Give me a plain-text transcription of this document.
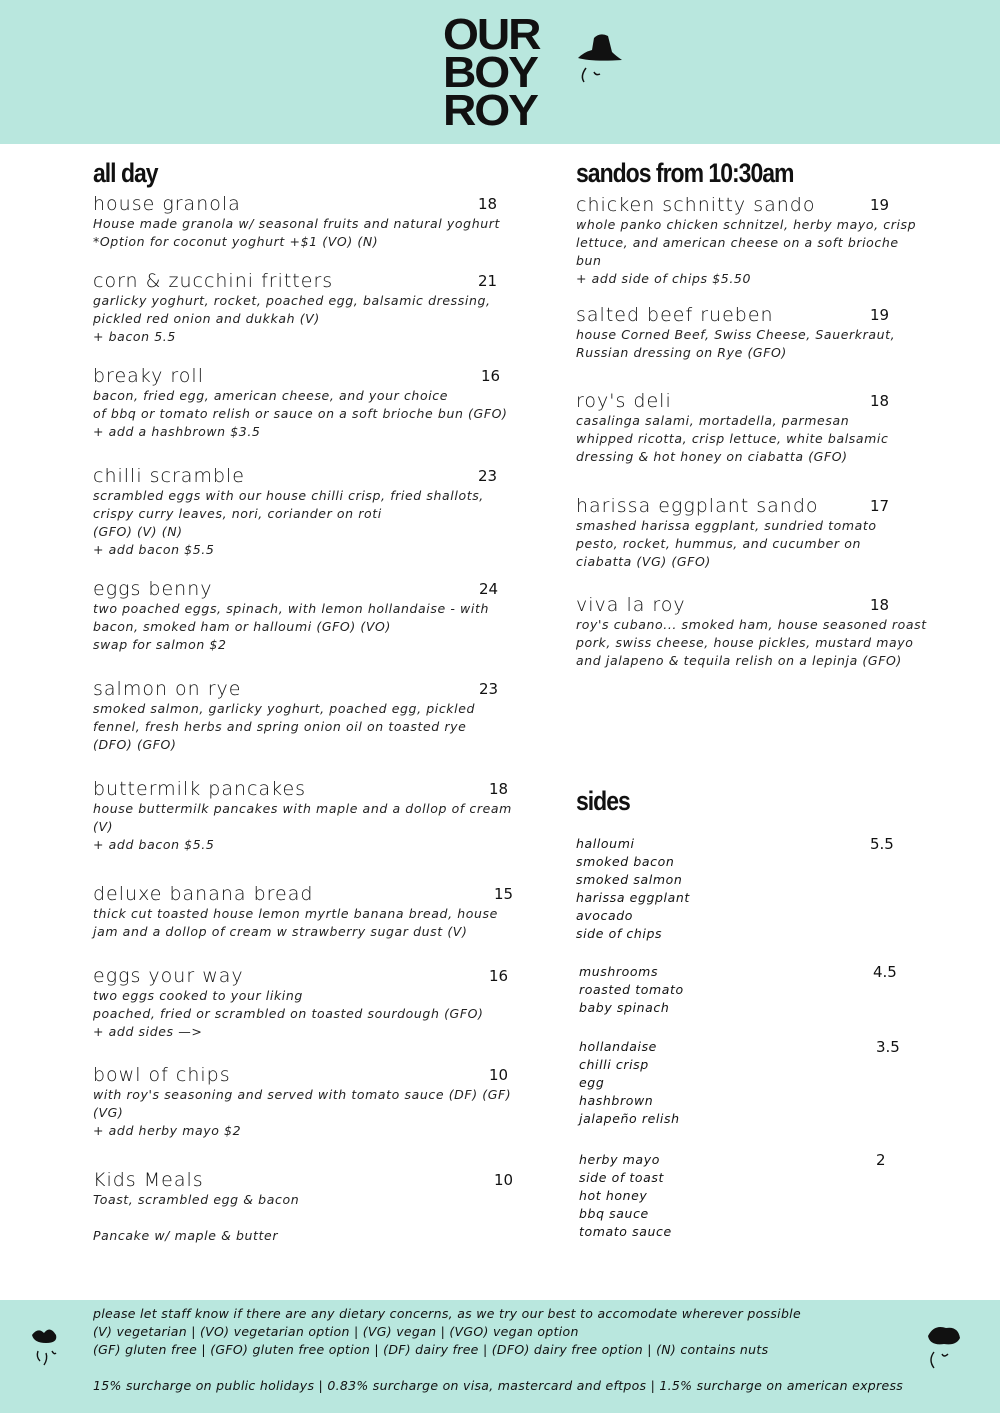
OUR
BOY
ROY
all day	sandos from 10:30am
sides
house granola
House made granola w/ seasonal fruits and natural yoghurt
*Option for coconut yoghurt +$1 (VO) (N)
18
corn & zucchini fritters
garlicky yoghurt, rocket, poached egg, balsamic dressing,
pickled red onion and dukkah (V)
+ bacon 5.5
21
breaky roll
bacon, fried egg, american cheese, and your choice
of bbq or tomato relish or sauce on a soft brioche bun (GFO)
+ add a hashbrown $3.5
16
chilli scramble
scrambled eggs with our house chilli crisp, fried shallots,
crispy curry leaves, nori, coriander on roti
(GFO) (V) (N)
+ add bacon $5.5
23
eggs benny
two poached eggs, spinach, with lemon hollandaise - with
bacon, smoked ham or halloumi (GFO) (VO)
swap for salmon $2
24
salmon on rye
smoked salmon, garlicky yoghurt, poached egg, pickled
fennel, fresh herbs and spring onion oil on toasted rye
(DFO) (GFO)
23
buttermilk pancakes
house buttermilk pancakes with maple and a dollop of cream
(V)
+ add bacon $5.5
18
deluxe banana bread
thick cut toasted house lemon myrtle banana bread, house
jam and a dollop of cream w strawberry sugar dust (V)
15
eggs your way
two eggs cooked to your liking
poached, fried or scrambled on toasted sourdough (GFO)
+ add sides —>
16
bowl of chips
with roy's seasoning and served with tomato sauce (DF) (GF)
(VG)
+ add herby mayo $2
10
Kids Meals
Toast, scrambled egg & bacon

Pancake w/ maple & butter
10
chicken schnitty sando
whole panko chicken schnitzel, herby mayo, crisp
lettuce, and american cheese on a soft brioche
bun
+ add side of chips $5.50
19
salted beef rueben
house Corned Beef, Swiss Cheese, Sauerkraut,
Russian dressing on Rye (GFO)
19
roy's deli
casalinga salami, mortadella, parmesan
whipped ricotta, crisp lettuce, white balsamic
dressing & hot honey on ciabatta (GFO)
18
harissa eggplant sando
smashed harissa eggplant, sundried tomato
pesto, rocket, hummus, and cucumber on
ciabatta (VG) (GFO)
17
viva la roy
roy's cubano... smoked ham, house seasoned roast
pork, swiss cheese, house pickles, mustard mayo
and jalapeno & tequila relish on a lepinja (GFO)
18
halloumi
smoked bacon
smoked salmon
harissa eggplant
avocado
side of chips
5.5
mushrooms
roasted tomato
baby spinach
4.5
hollandaise
chilli crisp
egg
hashbrown
jalapeño relish
3.5
herby mayo
side of toast
hot honey
bbq sauce
tomato sauce
2
please let staff know if there are any dietary concerns, as we try our best to accomodate wherever possible
(V) vegetarian | (VO) vegetarian option | (VG) vegan | (VGO) vegan option
(GF) gluten free | (GFO) gluten free option | (DF) dairy free | (DFO) dairy free option | (N) contains nuts
15% surcharge on public holidays | 0.83% surcharge on visa, mastercard and eftpos | 1.5% surcharge on american express
